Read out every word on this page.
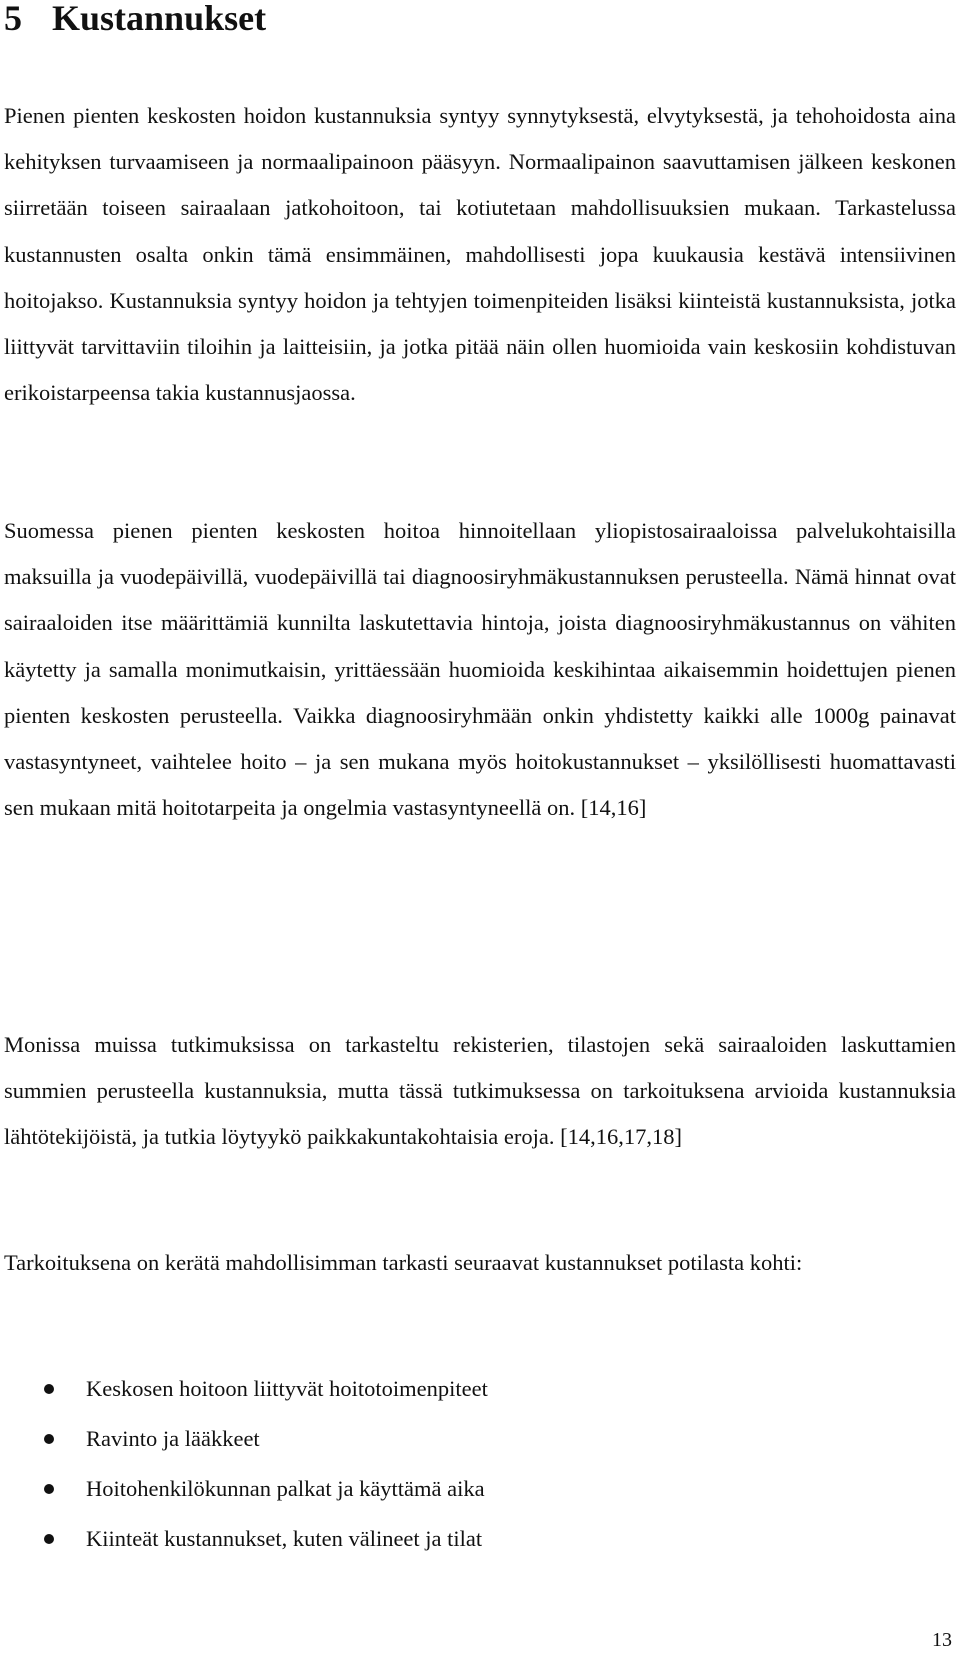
5 Kustannukset

Pienen pienten keskosten hoidon kustannuksia syntyy synnytyksestä, elvytyksestä, ja tehohoidosta aina kehityksen turvaamiseen ja normaalipainoon pääsyyn. Normaalipainon saavuttamisen jälkeen keskonen siirretään toiseen sairaalaan jatkohoitoon, tai kotiutetaan mahdollisuuksien mukaan. Tarkastelussa kustannusten osalta onkin tämä ensimmäinen, mahdollisesti jopa kuukausia kestävä intensiivinen hoitojakso. Kustannuksia syntyy hoidon ja tehtyjen toimenpiteiden lisäksi kiinteistä kustannuksista, jotka liittyvät tarvittaviin tiloihin ja laitteisiin, ja jotka pitää näin ollen huomioida vain keskosiin kohdistuvan erikoistarpeensa takia kustannusjaossa.

Suomessa pienen pienten keskosten hoitoa hinnoitellaan yliopistosairaaloissa palvelukohtaisilla maksuilla ja vuodepäivillä, vuodepäivillä tai diagnoosiryhmäkustannuksen perusteella. Nämä hinnat ovat sairaaloiden itse määrittämiä kunnilta laskutettavia hintoja, joista diagnoosiryhmäkustannus on vähiten käytetty ja samalla monimutkaisin, yrittäessään huomioida keskihintaa aikaisemmin hoidettujen pienen pienten keskosten perusteella. Vaikka diagnoosiryhmään onkin yhdistetty kaikki alle 1000g painavat vastasyntyneet, vaihtelee hoito – ja sen mukana myös hoitokustannukset – yksilöllisesti huomattavasti sen mukaan mitä hoitotarpeita ja ongelmia vastasyntyneellä on. [14,16]

Monissa muissa tutkimuksissa on tarkasteltu rekisterien, tilastojen sekä sairaaloiden laskuttamien summien perusteella kustannuksia, mutta tässä tutkimuksessa on tarkoituksena arvioida kustannuksia lähtötekijöistä, ja tutkia löytyykö paikkakuntakohtaisia eroja. [14,16,17,18]

Tarkoituksena on kerätä mahdollisimman tarkasti seuraavat kustannukset potilasta kohti:

Keskosen hoitoon liittyvät hoitotoimenpiteet
Ravinto ja lääkkeet
Hoitohenkilökunnan palkat ja käyttämä aika
Kiinteät kustannukset, kuten välineet ja tilat
13
